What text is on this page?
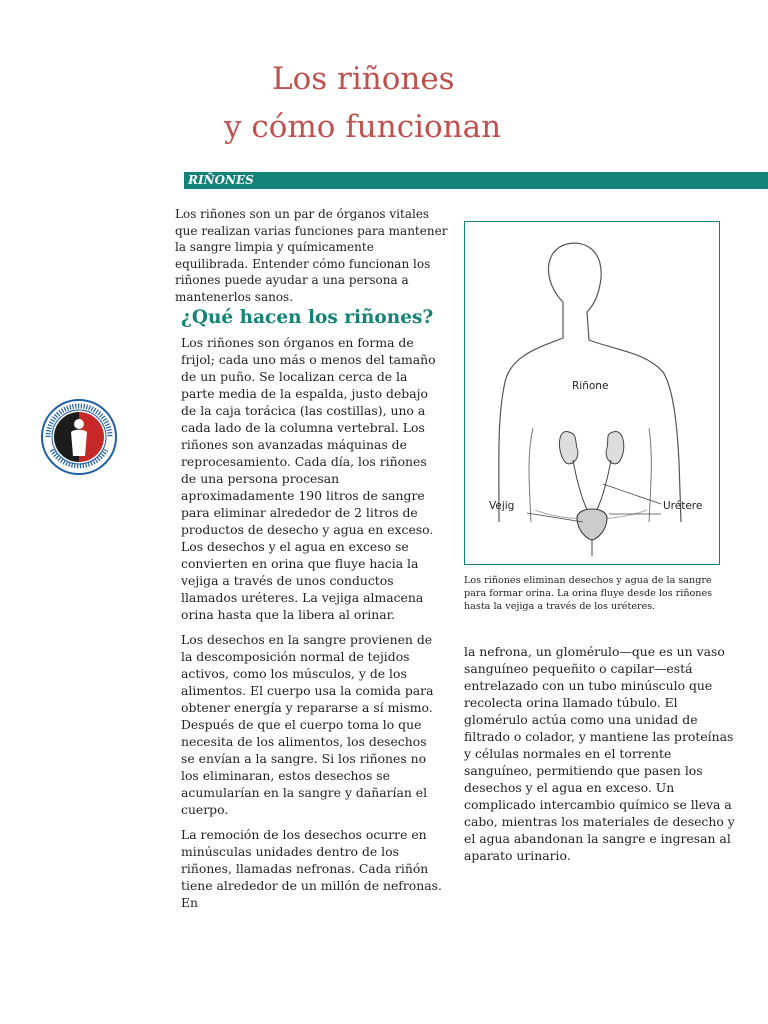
Los riñones
y cómo funcionan
RIÑONES

Los riñones son un par de órganos vitales que realizan varias funciones para mantener la sangre limpia y químicamente equilibrada. Entender cómo funcionan los riñones puede ayudar a una persona a mantenerlos sanos.

¿Qué hacen los riñones?

Los riñones son órganos en forma de frijol; cada uno más o menos del tamaño de un puño. Se localizan cerca de la parte media de la espalda, justo debajo de la caja torácica (las costillas), uno a cada lado de la columna vertebral. Los riñones son avanzadas máquinas de reprocesamiento. Cada día, los riñones de una persona procesan aproximadamente 190 litros de sangre para eliminar alrededor de 2 litros de productos de desecho y agua en exceso. Los desechos y el agua en exceso se convierten en orina que fluye hacia la vejiga a través de unos conductos llamados uréteres. La vejiga almacena orina hasta que la libera al orinar.

Los desechos en la sangre provienen de la descomposición normal de tejidos activos, como los músculos, y de los alimentos. El cuerpo usa la comida para obtener energía y repararse a sí mismo. Después de que el cuerpo toma lo que necesita de los alimentos, los desechos se envían a la sangre. Si los riñones no los eliminaran, estos desechos se acumularían en la sangre y dañarían el cuerpo.

La remoción de los desechos ocurre en minúsculas unidades dentro de los riñones, llamadas nefronas. Cada riñón tiene alrededor de un millón de nefronas. En

Riñone
Vejig	Urétere

Los riñones eliminan desechos y agua de la sangre para formar orina. La orina fluye desde los riñones hasta la vejiga a través de los uréteres.

la nefrona, un glomérulo—que es un vaso sanguíneo pequeñito o capilar—está entrelazado con un tubo minúsculo que recolecta orina llamado túbulo. El glomérulo actúa como una unidad de filtrado o colador, y mantiene las proteínas y células normales en el torrente sanguíneo, permitiendo que pasen los desechos y el agua en exceso. Un complicado intercambio químico se lleva a cabo, mientras los materiales de desecho y el agua abandonan la sangre e ingresan al aparato urinario.
